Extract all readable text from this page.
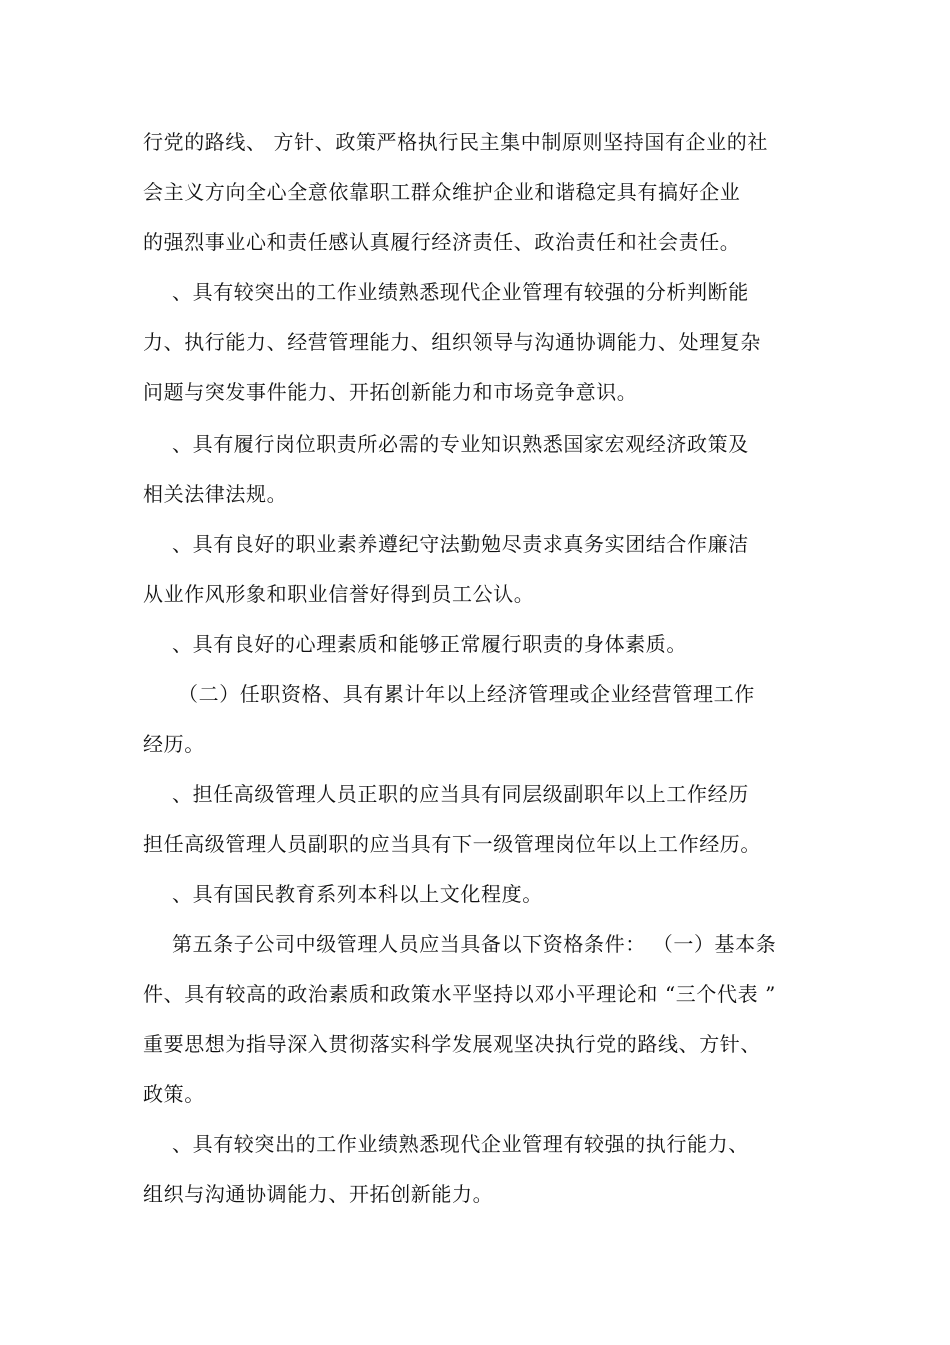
行党的路线、 方针、政策严格执行民主集中制原则坚持国有企业的社
会主义方向全心全意依靠职工群众维护企业和谐稳定具有搞好企业
的强烈事业心和责任感认真履行经济责任、政治责任和社会责任。
、具有较突出的工作业绩熟悉现代企业管理有较强的分析判断能
力、执行能力、经营管理能力、组织领导与沟通协调能力、处理复杂
问题与突发事件能力、开拓创新能力和市场竞争意识。
、具有履行岗位职责所必需的专业知识熟悉国家宏观经济政策及
相关法律法规。
、具有良好的职业素养遵纪守法勤勉尽责求真务实团结合作廉洁
从业作风形象和职业信誉好得到员工公认。
、具有良好的心理素质和能够正常履行职责的身体素质。
（二）任职资格、具有累计年以上经济管理或企业经营管理工作
经历。
、担任高级管理人员正职的应当具有同层级副职年以上工作经历
担任高级管理人员副职的应当具有下一级管理岗位年以上工作经历。
、具有国民教育系列本科以上文化程度。
第五条子公司中级管理人员应当具备以下资格条件： （一）基本条
件、具有较高的政治素质和政策水平坚持以邓小平理论和 “三个代表 ”
重要思想为指导深入贯彻落实科学发展观坚决执行党的路线、方针、
政策。
、具有较突出的工作业绩熟悉现代企业管理有较强的执行能力、
组织与沟通协调能力、开拓创新能力。
